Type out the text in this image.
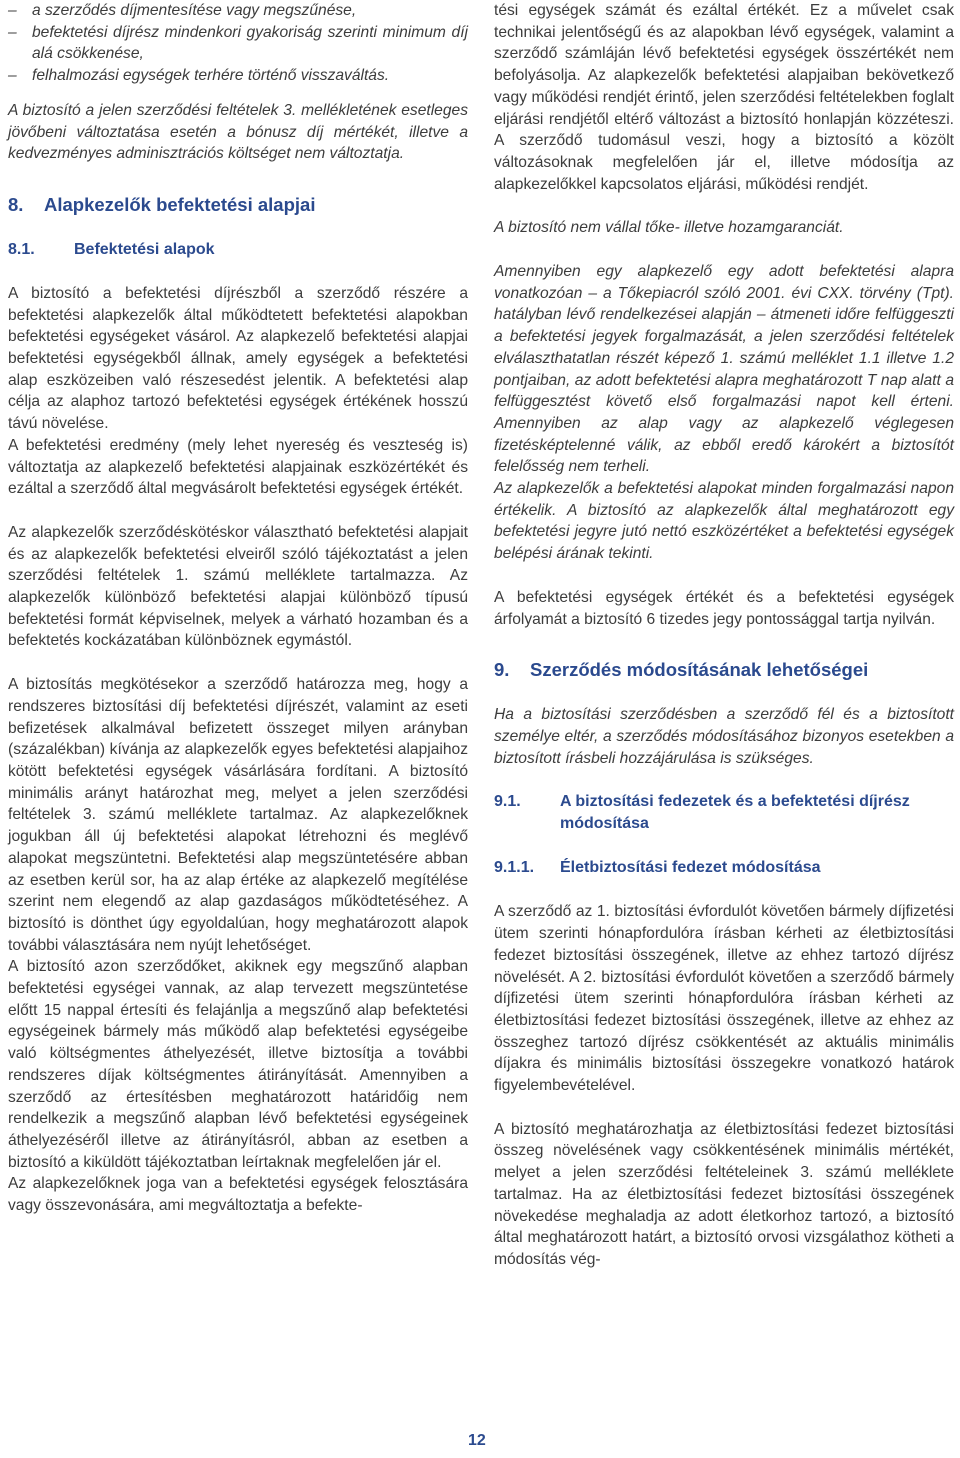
– a szerződés díjmentesítése vagy megszűnése,
– befektetési díjrész mindenkori gyakoriság szerinti minimum díj alá csökkenése,
– felhalmozási egységek terhére történő visszaváltás.

A biztosító a jelen szerződési feltételek 3. mellékletének esetleges jövőbeni változtatása esetén a bónusz díj mértékét, illetve a kedvezményes adminisztrációs költséget nem változtatja.

8. Alapkezelők befektetési alapjai
8.1.	Befektetési alapok

A biztosító a befektetési díjrészből a szerződő részére a befektetési alapkezelők által működtetett befektetési alapokban befektetési egységeket vásárol. Az alapkezelő befektetési alapjai befektetési egységekből állnak, amely egységek a befektetési alap eszközeiben való részesedést jelentik. A befektetési alap célja az alaphoz tartozó befektetési egységek értékének hosszú távú növelése.

A befektetési eredmény (mely lehet nyereség és veszteség is) változtatja az alapkezelő befektetési alapjainak eszközértékét és ezáltal a szerződő által megvásárolt befektetési egységek értékét.

Az alapkezelők szerződéskötéskor választható befektetési alapjait és az alapkezelők befektetési elveiről szóló tájékoztatást a jelen szerződési feltételek 1. számú melléklete tartalmazza. Az alapkezelők különböző befektetési alapjai különböző típusú befektetési formát képviselnek, melyek a várható hozamban és a befektetés kockázatában különböznek egymástól.

A biztosítás megkötésekor a szerződő határozza meg, hogy a rendszeres biztosítási díj befektetési díjrészét, valamint az eseti befizetések alkalmával befizetett összeget milyen arányban (százalékban) kívánja az alapkezelők egyes befektetési alapjaihoz kötött befektetési egységek vásárlására fordítani. A biztosító minimális arányt határozhat meg, melyet a jelen szerződési feltételek 3. számú melléklete tartalmaz. Az alapkezelőknek jogukban áll új befektetési alapokat létrehozni és meglévő alapokat megszüntetni. Befektetési alap megszüntetésére abban az esetben kerül sor, ha az alap értéke az alapkezelő megítélése szerint nem elegendő az alap gazdaságos működtetéséhez. A biztosító is dönthet úgy egyoldalúan, hogy meghatározott alapok további választására nem nyújt lehetőséget.

A biztosító azon szerződőket, akiknek egy megszűnő alapban befektetési egységei vannak, az alap tervezett megszüntetése előtt 15 nappal értesíti és felajánlja a megszűnő alap befektetési egységeinek bármely más működő alap befektetési egységeibe való költségmentes áthelyezését, illetve biztosítja a további rendszeres díjak költségmentes átirányítását. Amennyiben a szerződő az értesítésben meghatározott határidőig nem rendelkezik a megszűnő alapban lévő befektetési egységeinek áthelyezéséről illetve az átirányításról, abban az esetben a biztosító a kiküldött tájékoztatban leírtaknak megfelelően jár el.

Az alapkezelőknek joga van a befektetési egységek felosztására vagy összevonására, ami megváltoztatja a befekte-

tési egységek számát és ezáltal értékét. Ez a művelet csak technikai jelentőségű és az alapokban lévő egységek, valamint a szerződő számláján lévő befektetési egységek összértékét nem befolyásolja. Az alapkezelők befektetési alapjaiban bekövetkező vagy működési rendjét érintő, jelen szerződési feltételekben foglalt eljárási rendjétől eltérő változást a biztosító honlapján közzéteszi. A szerződő tudomásul veszi, hogy a biztosító a közölt változásoknak megfelelően jár el, illetve módosítja az alapkezelőkkel kapcsolatos eljárási, működési rendjét.

A biztosító nem vállal tőke- illetve hozamgaranciát.

Amennyiben egy alapkezelő egy adott befektetési alapra vonatkozóan – a Tőkepiacról szóló 2001. évi CXX. törvény (Tpt). hatályban lévő rendelkezései alapján – átmeneti időre felfüggeszti a befektetési jegyek forgalmazását, a jelen szerződési feltételek elválaszthatatlan részét képező 1. számú melléklet 1.1 illetve 1.2 pontjaiban, az adott befektetési alapra meghatározott T nap alatt a felfüggesztést követő első forgalmazási napot kell érteni. Amennyiben az alap vagy az alapkezelő véglegesen fizetésképtelenné válik, az ebből eredő károkért a biztosítót felelősség nem terheli.

Az alapkezelők a befektetési alapokat minden forgalmazási napon értékelik. A biztosító az alapkezelők által meghatározott egy befektetési jegyre jutó nettó eszközértéket a befektetési egységek belépési árának tekinti.

A befektetési egységek értékét és a befektetési egységek árfolyamát a biztosító 6 tizedes jegy pontossággal tartja nyilván.

9. Szerződés módosításának lehetőségei

Ha a biztosítási szerződésben a szerződő fél és a biztosított személye eltér, a szerződés módosításához bizonyos esetekben a biztosított írásbeli hozzájárulása is szükséges.

9.1.	A biztosítási fedezetek és a befektetési díjrész módosítása
9.1.1.	Életbiztosítási fedezet módosítása

A szerződő az 1. biztosítási évfordulót követően bármely díjfizetési ütem szerinti hónapfordulóra írásban kérheti az életbiztosítási fedezet biztosítási összegének, illetve az ehhez tartozó díjrész növelését. A 2. biztosítási évfordulót követően a szerződő bármely díjfizetési ütem szerinti hónapfordulóra írásban kérheti az életbiztosítási fedezet biztosítási összegének, illetve az ehhez az összeghez tartozó díjrész csökkentését az aktuális minimális díjakra és minimális biztosítási összegekre vonatkozó határok figyelembevételével.

A biztosító meghatározhatja az életbiztosítási fedezet biztosítási összeg növelésének vagy csökkentésének minimális mértékét, melyet a jelen szerződési feltételeinek 3. számú melléklete tartalmaz. Ha az életbiztosítási fedezet biztosítási összegének növekedése meghaladja az adott életkorhoz tartozó, a biztosító által meghatározott határt, a biztosító orvosi vizsgálathoz kötheti a módosítás vég-

12
